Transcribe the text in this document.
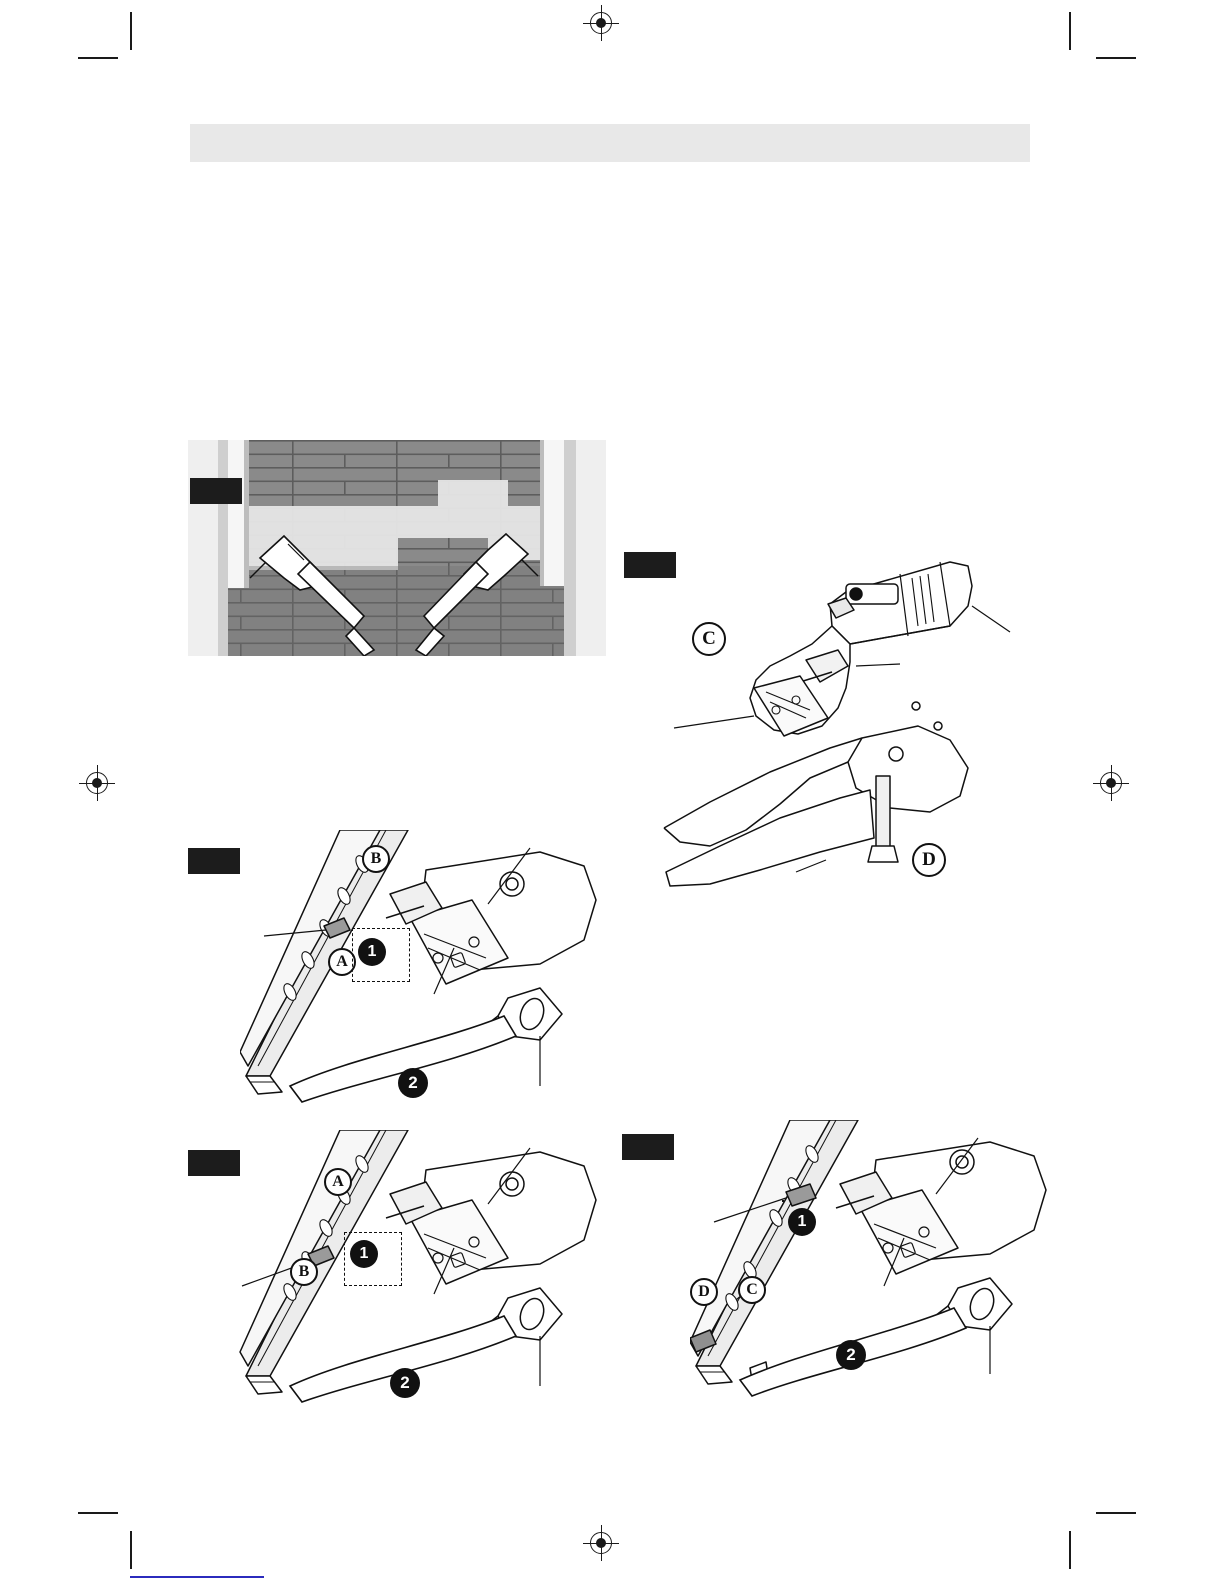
C
D
B
A
1
2
A
B
1
2
D	C
1
2
